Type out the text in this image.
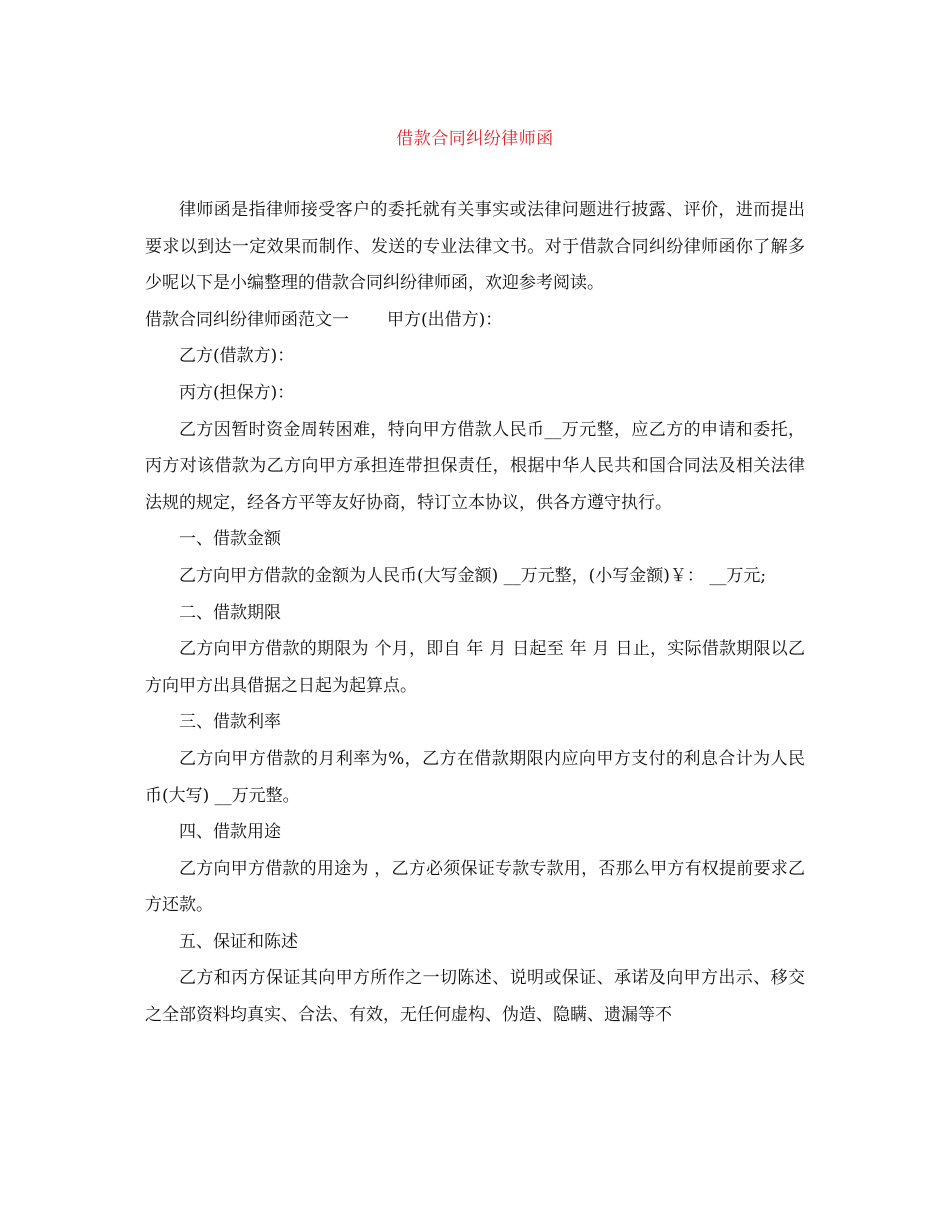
借款合同纠纷律师函

律师函是指律师接受客户的委托就有关事实或法律问题进行披露、评价，进而提出要求以到达一定效果而制作、发送的专业法律文书。对于借款合同纠纷律师函你了解多少呢以下是小编整理的借款合同纠纷律师函，欢迎参考阅读。

借款合同纠纷律师函范文一 甲方(出借方)：

乙方(借款方)：

丙方(担保方)：

乙方因暂时资金周转困难，特向甲方借款人民币__万元整，应乙方的申请和委托，丙方对该借款为乙方向甲方承担连带担保责任，根据中华人民共和国合同法及相关法律法规的规定，经各方平等友好协商，特订立本协议，供各方遵守执行。

一、借款金额

乙方向甲方借款的金额为人民币(大写金额) __万元整，(小写金额)￥： __万元;

二、借款期限

乙方向甲方借款的期限为 个月，即自 年 月 日起至 年 月 日止，实际借款期限以乙方向甲方出具借据之日起为起算点。

三、借款利率

乙方向甲方借款的月利率为%，乙方在借款期限内应向甲方支付的利息合计为人民币(大写) __万元整。

四、借款用途

乙方向甲方借款的用途为 ，乙方必须保证专款专款用，否那么甲方有权提前要求乙方还款。

五、保证和陈述

乙方和丙方保证其向甲方所作之一切陈述、说明或保证、承诺及向甲方出示、移交之全部资料均真实、合法、有效，无任何虚构、伪造、隐瞒、遗漏等不
